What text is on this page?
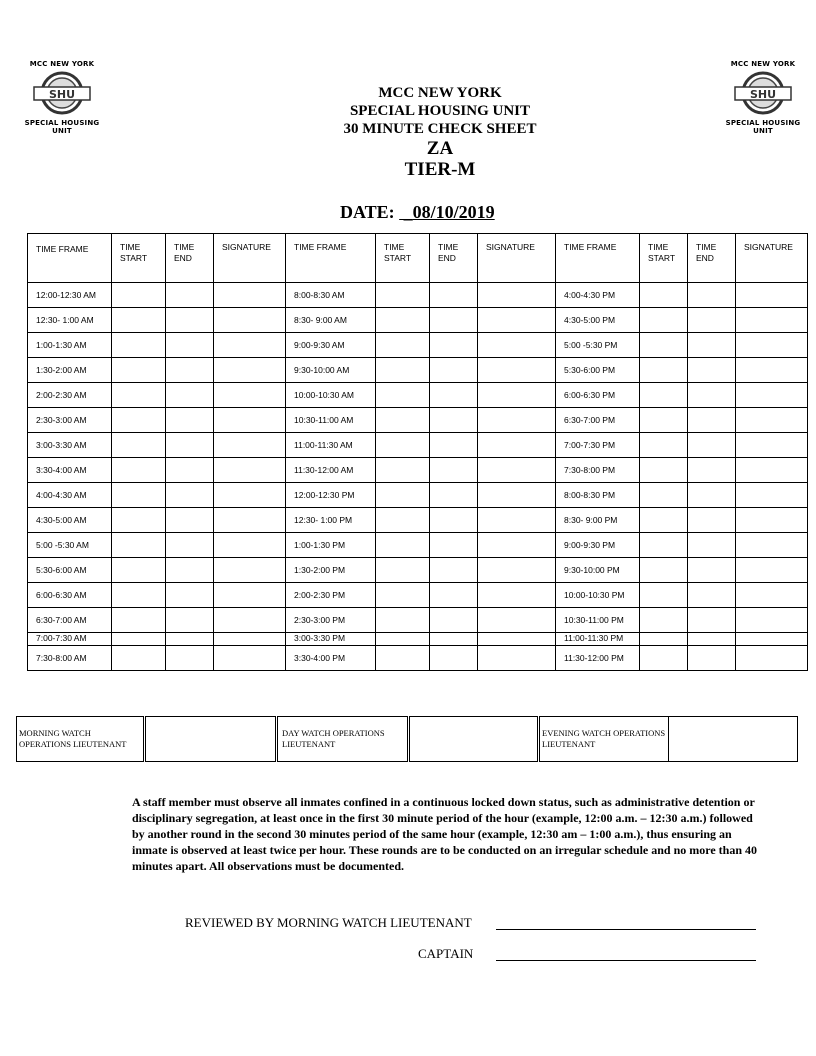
MCC NEW YORK
SHU
SPECIAL HOUSING UNIT
MCC NEW YORK
SHU
SPECIAL HOUSING UNIT
MCC NEW YORK
SPECIAL HOUSING UNIT
30 MINUTE CHECK SHEET
ZA
TIER-M
DATE:  _08/10/2019
TIME FRAME	TIME START	TIME END	SIGNATURE	TIME FRAME	TIME START	TIME END	SIGNATURE	TIME FRAME	TIME START	TIME END	SIGNATURE
12:00-12:30 AM				8:00-8:30 AM				4:00-4:30 PM			
12:30- 1:00 AM				8:30- 9:00 AM				4:30-5:00 PM			
1:00-1:30 AM				9:00-9:30 AM				5:00 -5:30 PM			
1:30-2:00 AM				9:30-10:00 AM				5:30-6:00 PM			
2:00-2:30 AM				10:00-10:30 AM				6:00-6:30 PM			
2:30-3:00 AM				10:30-11:00 AM				6:30-7:00 PM			
3:00-3:30 AM				11:00-11:30 AM				7:00-7:30 PM			
3:30-4:00 AM				11:30-12:00 AM				7:30-8:00 PM			
4:00-4:30 AM				12:00-12:30 PM				8:00-8:30 PM			
4:30-5:00 AM				12:30- 1:00 PM				8:30- 9:00 PM			
5:00 -5:30 AM				1:00-1:30 PM				9:00-9:30 PM			
5:30-6:00 AM				1:30-2:00 PM				9:30-10:00 PM			
6:00-6:30 AM				2:00-2:30 PM				10:00-10:30 PM			
6:30-7:00 AM				2:30-3:00 PM				10:30-11:00 PM			
7:00-7:30 AM				3:00-3:30 PM				11:00-11:30 PM			
7:30-8:00 AM				3:30-4:00 PM				11:30-12:00 PM			
MORNING WATCH OPERATIONS LIEUTENANT		DAY WATCH OPERATIONS LIEUTENANT		EVENING WATCH OPERATIONS LIEUTENANT	
A staff member must observe all inmates confined in a continuous locked down status, such as administrative detention or disciplinary segregation, at least once in the first 30 minute period of the hour (example, 12:00 a.m. – 12:30 a.m.) followed by another round in the second 30 minutes period of the same hour (example, 12:30 am – 1:00 a.m.), thus ensuring an inmate is observed at least twice per hour. These rounds are to be conducted on an irregular schedule and no more than 40 minutes apart. All observations must be documented.
REVIEWED BY MORNING WATCH LIEUTENANT
CAPTAIN
